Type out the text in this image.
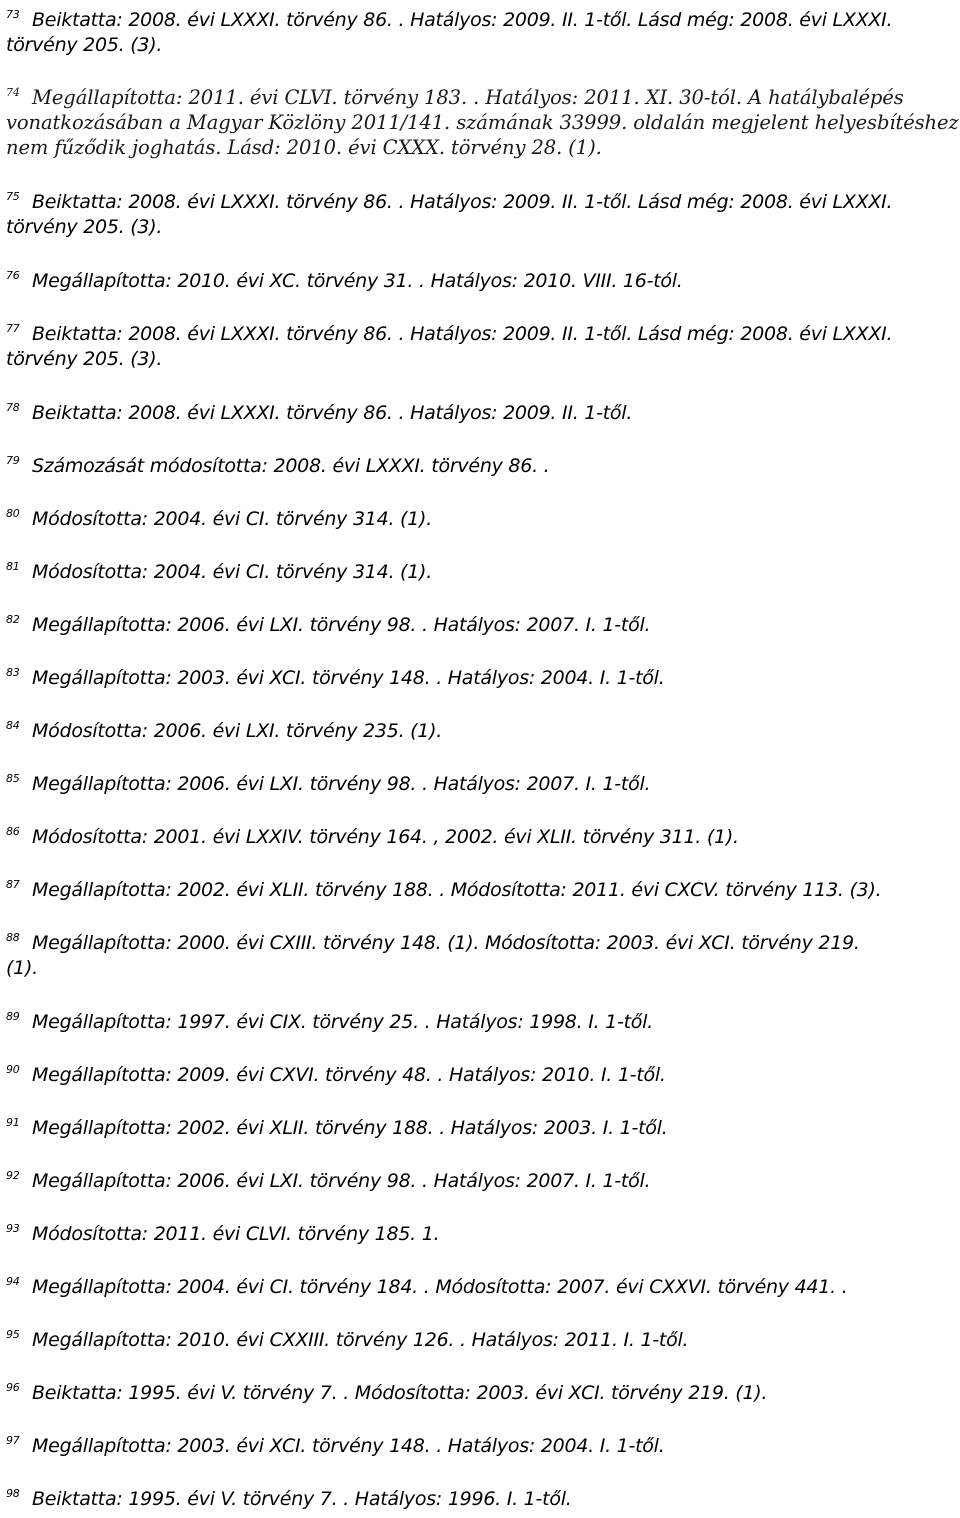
73 Beiktatta: 2008. évi LXXXI. törvény 86. . Hatályos: 2009. II. 1-től. Lásd még: 2008. évi LXXXI.
törvény 205. (3).
74 Megállapította: 2011. évi CLVI. törvény 183. . Hatályos: 2011. XI. 30-tól. A hatálybalépés
vonatkozásában a Magyar Közlöny 2011/141. számának 33999. oldalán megjelent helyesbítéshez
nem fűződik joghatás. Lásd: 2010. évi CXXX. törvény 28. (1).
75 Beiktatta: 2008. évi LXXXI. törvény 86. . Hatályos: 2009. II. 1-től. Lásd még: 2008. évi LXXXI.
törvény 205. (3).
76 Megállapította: 2010. évi XC. törvény 31. . Hatályos: 2010. VIII. 16-tól.
77 Beiktatta: 2008. évi LXXXI. törvény 86. . Hatályos: 2009. II. 1-től. Lásd még: 2008. évi LXXXI.
törvény 205. (3).
78 Beiktatta: 2008. évi LXXXI. törvény 86. . Hatályos: 2009. II. 1-től.
79 Számozását módosította: 2008. évi LXXXI. törvény 86. .
80 Módosította: 2004. évi CI. törvény 314. (1).
81 Módosította: 2004. évi CI. törvény 314. (1).
82 Megállapította: 2006. évi LXI. törvény 98. . Hatályos: 2007. I. 1-től.
83 Megállapította: 2003. évi XCI. törvény 148. . Hatályos: 2004. I. 1-től.
84 Módosította: 2006. évi LXI. törvény 235. (1).
85 Megállapította: 2006. évi LXI. törvény 98. . Hatályos: 2007. I. 1-től.
86 Módosította: 2001. évi LXXIV. törvény 164. , 2002. évi XLII. törvény 311. (1).
87 Megállapította: 2002. évi XLII. törvény 188. . Módosította: 2011. évi CXCV. törvény 113. (3).
88 Megállapította: 2000. évi CXIII. törvény 148. (1). Módosította: 2003. évi XCI. törvény 219.
(1).
89 Megállapította: 1997. évi CIX. törvény 25. . Hatályos: 1998. I. 1-től.
90 Megállapította: 2009. évi CXVI. törvény 48. . Hatályos: 2010. I. 1-től.
91 Megállapította: 2002. évi XLII. törvény 188. . Hatályos: 2003. I. 1-től.
92 Megállapította: 2006. évi LXI. törvény 98. . Hatályos: 2007. I. 1-től.
93 Módosította: 2011. évi CLVI. törvény 185. 1.
94 Megállapította: 2004. évi CI. törvény 184. . Módosította: 2007. évi CXXVI. törvény 441. .
95 Megállapította: 2010. évi CXXIII. törvény 126. . Hatályos: 2011. I. 1-től.
96 Beiktatta: 1995. évi V. törvény 7. . Módosította: 2003. évi XCI. törvény 219. (1).
97 Megállapította: 2003. évi XCI. törvény 148. . Hatályos: 2004. I. 1-től.
98 Beiktatta: 1995. évi V. törvény 7. . Hatályos: 1996. I. 1-től.
